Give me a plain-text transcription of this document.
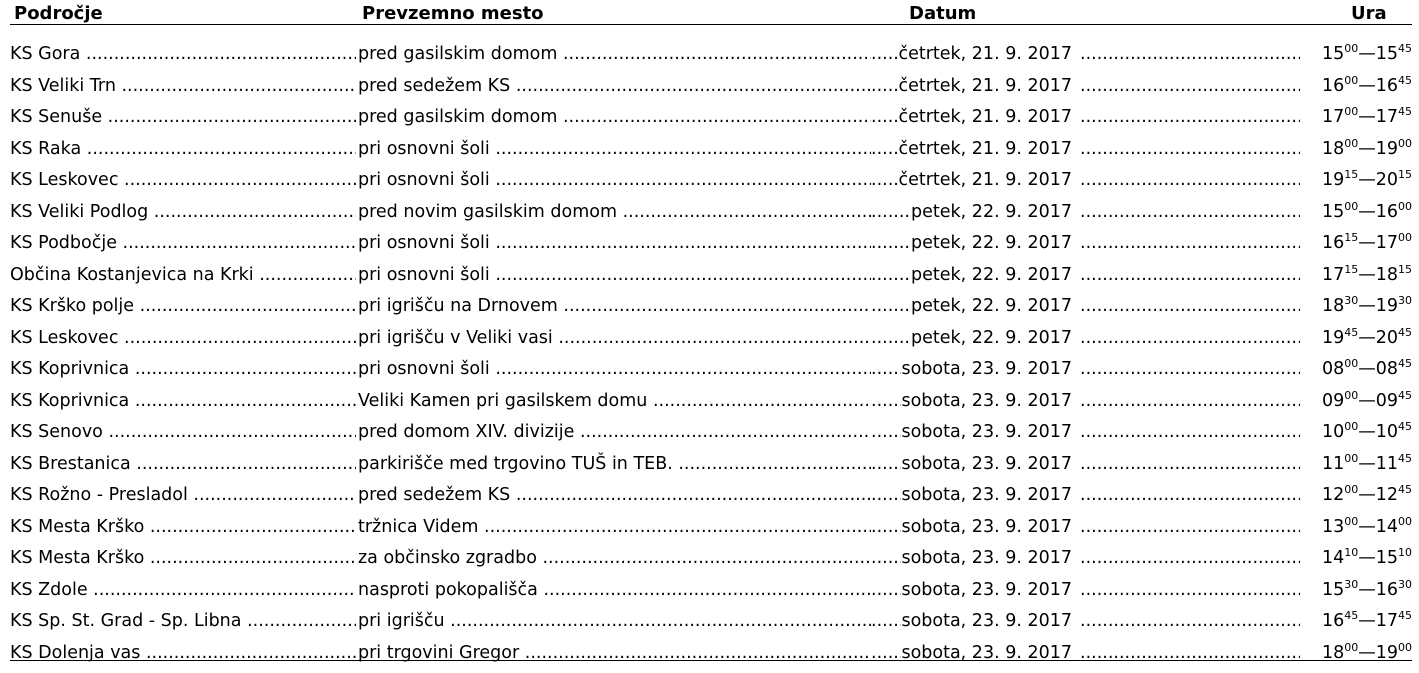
Področje	Prevzemno mesto	Datum	Ura
KS Gora .....	pred gasilskim domom ..... .....	četrtek, 21. 9. 2017 .....	$15^{00}—15^{45}$
KS Veliki Trn .....	pred sedežem KS ..... .....	četrtek, 21. 9. 2017 .....	$16^{00}—16^{45}$
KS Senuše .....	pred gasilskim domom ..... .....	četrtek, 21. 9. 2017 .....	$17^{00}—17^{45}$
KS Raka .....	pri osnovni šoli ..... .....	četrtek, 21. 9. 2017 .....	$18^{00}—19^{00}$
KS Leskovec .....	pri osnovni šoli ..... .....	četrtek, 21. 9. 2017 .....	$19^{15}—20^{15}$
KS Veliki Podlog .....	pred novim gasilskim domom ..... .....	petek, 22. 9. 2017 .....	$15^{00}—16^{00}$
KS Podbočje .....	pri osnovni šoli ..... .....	petek, 22. 9. 2017 .....	$16^{15}—17^{00}$
Občina Kostanjevica na Krki .....	pri osnovni šoli ..... .....	petek, 22. 9. 2017 .....	$17^{15}—18^{15}$
KS Krško polje .....	pri igrišču na Drnovem ..... .....	petek, 22. 9. 2017 .....	$18^{30}—19^{30}$
KS Leskovec .....	pri igrišču v Veliki vasi ..... .....	petek, 22. 9. 2017 .....	$19^{45}—20^{45}$
KS Koprivnica .....	pri osnovni šoli ..... .....	sobota, 23. 9. 2017 .....	$08^{00}—08^{45}$
KS Koprivnica .....	Veliki Kamen pri gasilskem domu ..... .....	sobota, 23. 9. 2017 .....	$09^{00}—09^{45}$
KS Senovo .....	pred domom XIV. divizije ..... .....	sobota, 23. 9. 2017 .....	$10^{00}—10^{45}$
KS Brestanica .....	parkirišče med trgovino TUŠ in TEB. ..... .....	sobota, 23. 9. 2017 .....	$11^{00}—11^{45}$
KS Rožno - Presladol .....	pred sedežem KS ..... .....	sobota, 23. 9. 2017 .....	$12^{00}—12^{45}$
KS Mesta Krško .....	tržnica Videm ..... .....	sobota, 23. 9. 2017 .....	$13^{00}—14^{00}$
KS Mesta Krško .....	za občinsko zgradbo ..... .....	sobota, 23. 9. 2017 .....	$14^{10}—15^{10}$
KS Zdole .....	nasproti pokopališča ..... .....	sobota, 23. 9. 2017 .....	$15^{30}—16^{30}$
KS Sp. St. Grad - Sp. Libna .....	pri igrišču ..... .....	sobota, 23. 9. 2017 .....	$16^{45}—17^{45}$
KS Dolenja vas .....	pri trgovini Gregor ..... .....	sobota, 23. 9. 2017 .....	$18^{00}—19^{00}$
